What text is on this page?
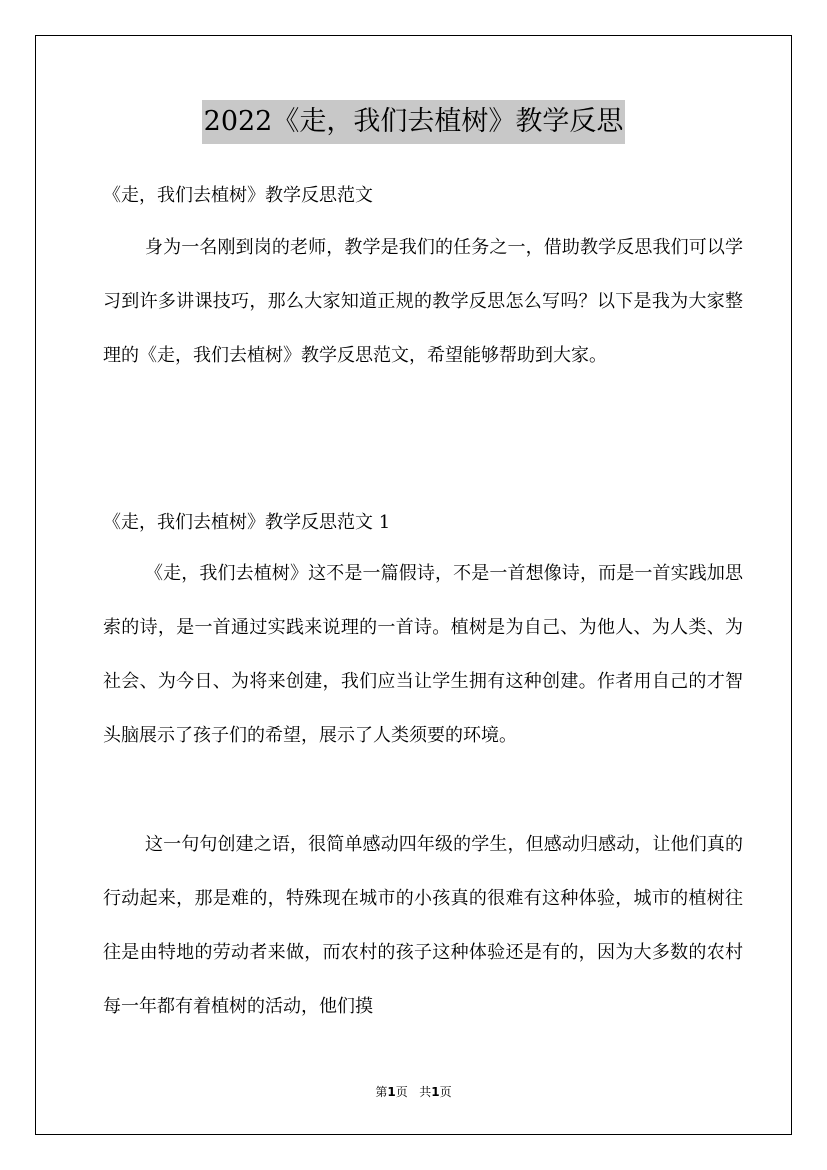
2022《走，我们去植树》教学反思
《走，我们去植树》教学反思范文

身为一名刚到岗的老师，教学是我们的任务之一，借助教学反思我们可以学习到许多讲课技巧，那么大家知道正规的教学反思怎么写吗？以下是我为大家整理的《走，我们去植树》教学反思范文，希望能够帮助到大家。

《走，我们去植树》教学反思范文 1

《走，我们去植树》这不是一篇假诗，不是一首想像诗，而是一首实践加思索的诗，是一首通过实践来说理的一首诗。植树是为自己、为他人、为人类、为社会、为今日、为将来创建，我们应当让学生拥有这种创建。作者用自己的才智头脑展示了孩子们的希望，展示了人类须要的环境。

这一句句创建之语，很简单感动四年级的学生，但感动归感动，让他们真的行动起来，那是难的，特殊现在城市的小孩真的很难有这种体验，城市的植树往往是由特地的劳动者来做，而农村的孩子这种体验还是有的，因为大多数的农村每一年都有着植树的活动，他们摸

第1页 共1页
